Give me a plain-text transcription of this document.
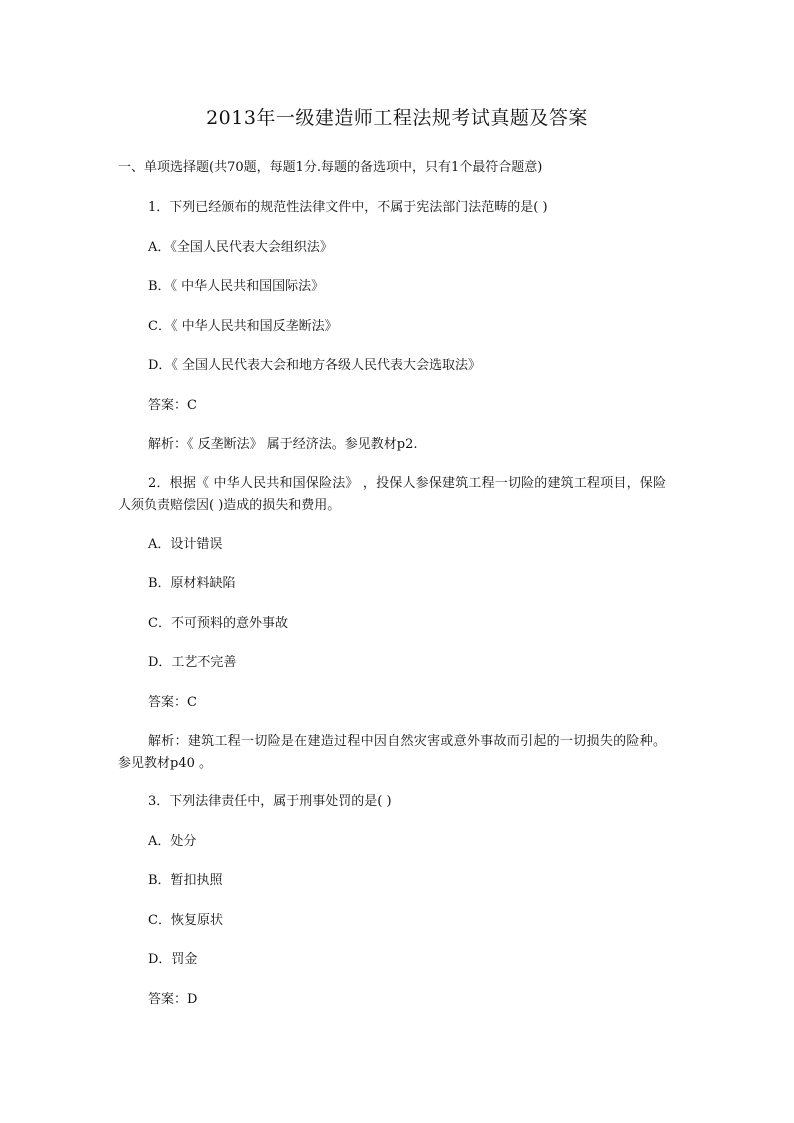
2013年一级建造师工程法规考试真题及答案
一、单项选择题(共70题，每题1分.每题的备选项中，只有1个最符合题意)
1．下列已经颁布的规范性法律文件中，不属于宪法部门法范畴的是( )
A．《全国人民代表大会组织法》
B．《 中华人民共和国国际法》
C．《 中华人民共和国反垄断法》
D．《 全国人民代表大会和地方各级人民代表大会选取法》
答案：C
解析：《 反垄断法》 属于经济法。参见教材p2.
2．根据《 中华人民共和国保险法》 ，投保人参保建筑工程一切险的建筑工程项目，保险人须负责赔偿因( )造成的损失和费用。
A．设计错误
B．原材料缺陷
C．不可预料的意外事故
D．工艺不完善
答案：C
解析：建筑工程一切险是在建造过程中因自然灾害或意外事故而引起的一切损失的险种。参见教材p40 。
3．下列法律责任中，属于刑事处罚的是( )
A．处分
B．暂扣执照
C．恢复原状
D．罚金
答案：D
